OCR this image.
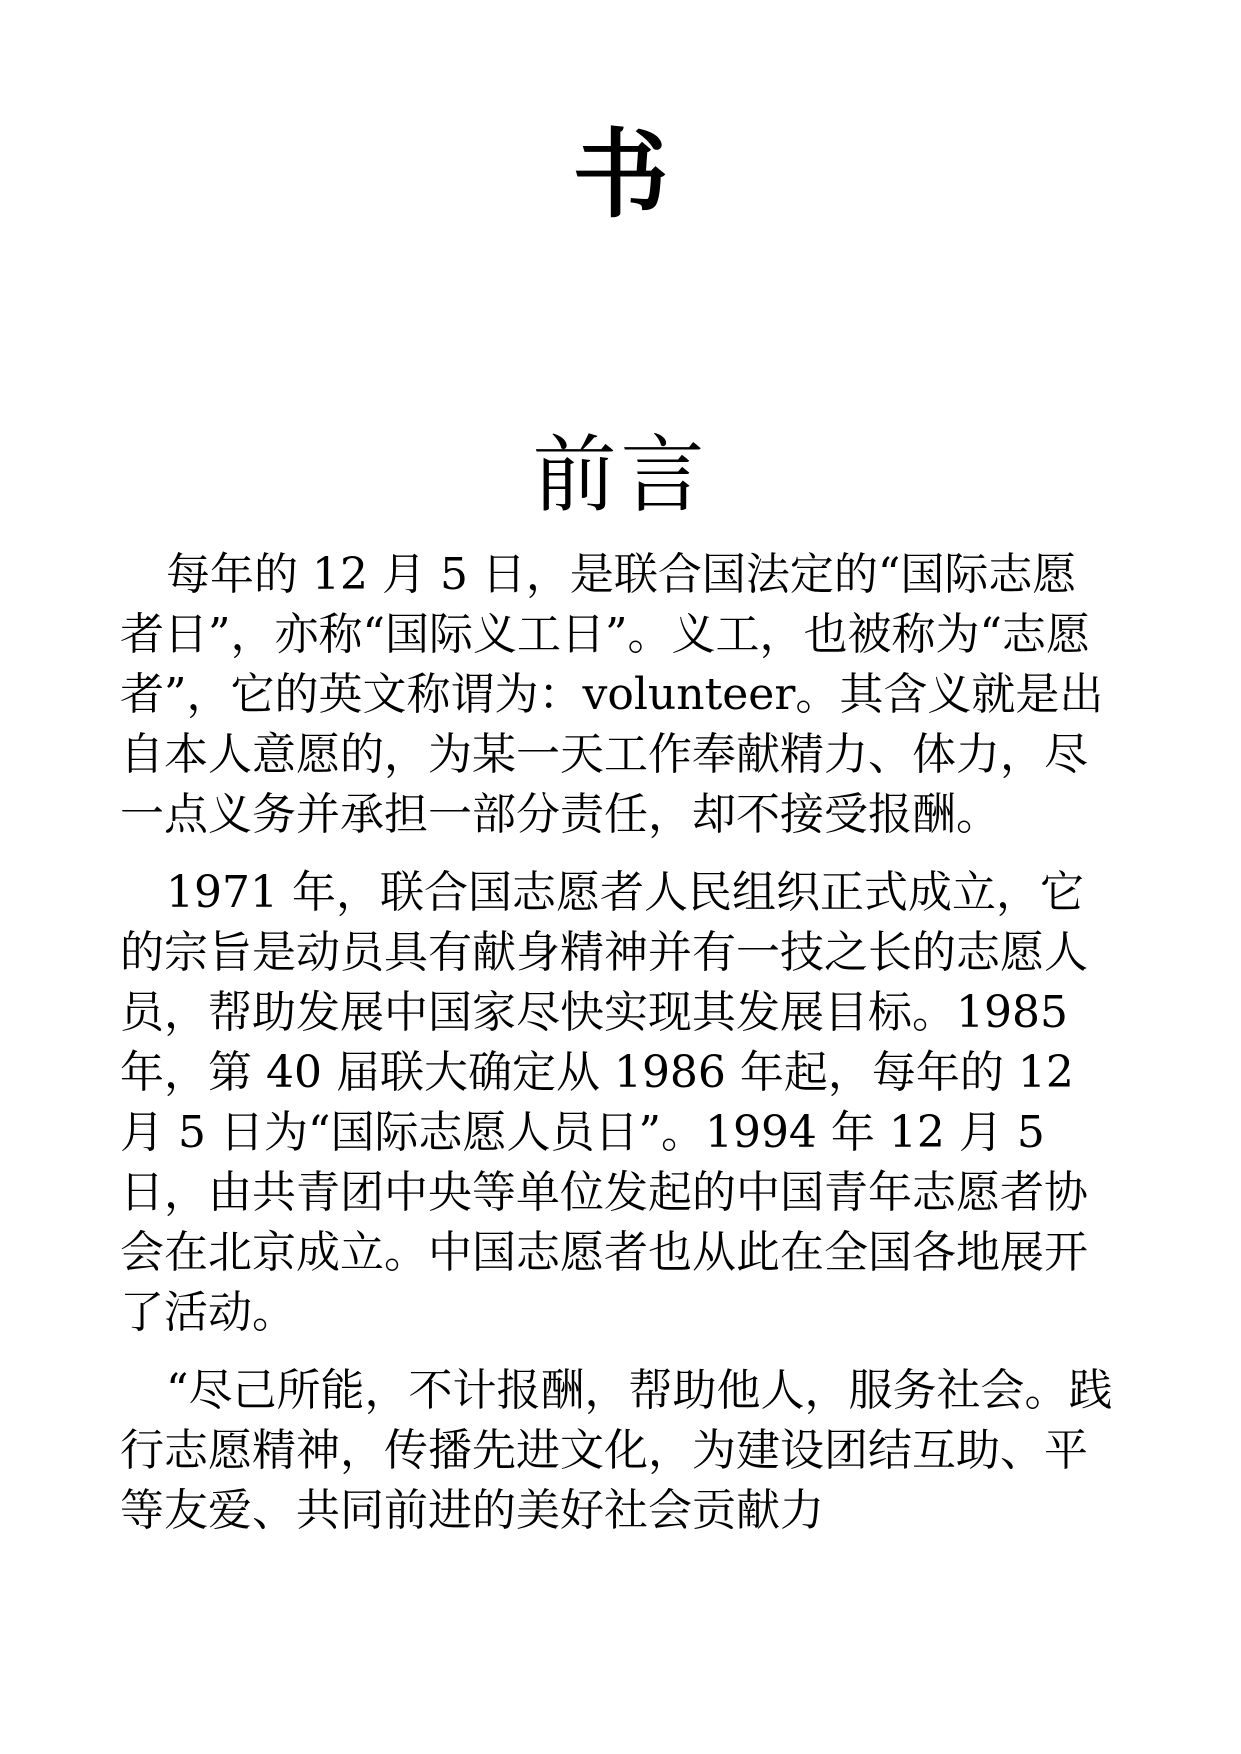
书
前言

每年的 12 月 5 日，是联合国法定的“国际志愿者日”，亦称“国际义工日”。义工，也被称为“志愿者”，它的英文称谓为：volunteer。其含义就是出自本人意愿的，为某一天工作奉献精力、体力，尽一点义务并承担一部分责任，却不接受报酬。

1971 年，联合国志愿者人民组织正式成立，它的宗旨是动员具有献身精神并有一技之长的志愿人员，帮助发展中国家尽快实现其发展目标。1985 年，第 40 届联大确定从 1986 年起，每年的 12 月 5 日为“国际志愿人员日”。1994 年 12 月 5 日，由共青团中央等单位发起的中国青年志愿者协会在北京成立。中国志愿者也从此在全国各地展开了活动。

“尽己所能，不计报酬，帮助他人，服务社会。践行志愿精神，传播先进文化，为建设团结互助、平等友爱、共同前进的美好社会贡献力
